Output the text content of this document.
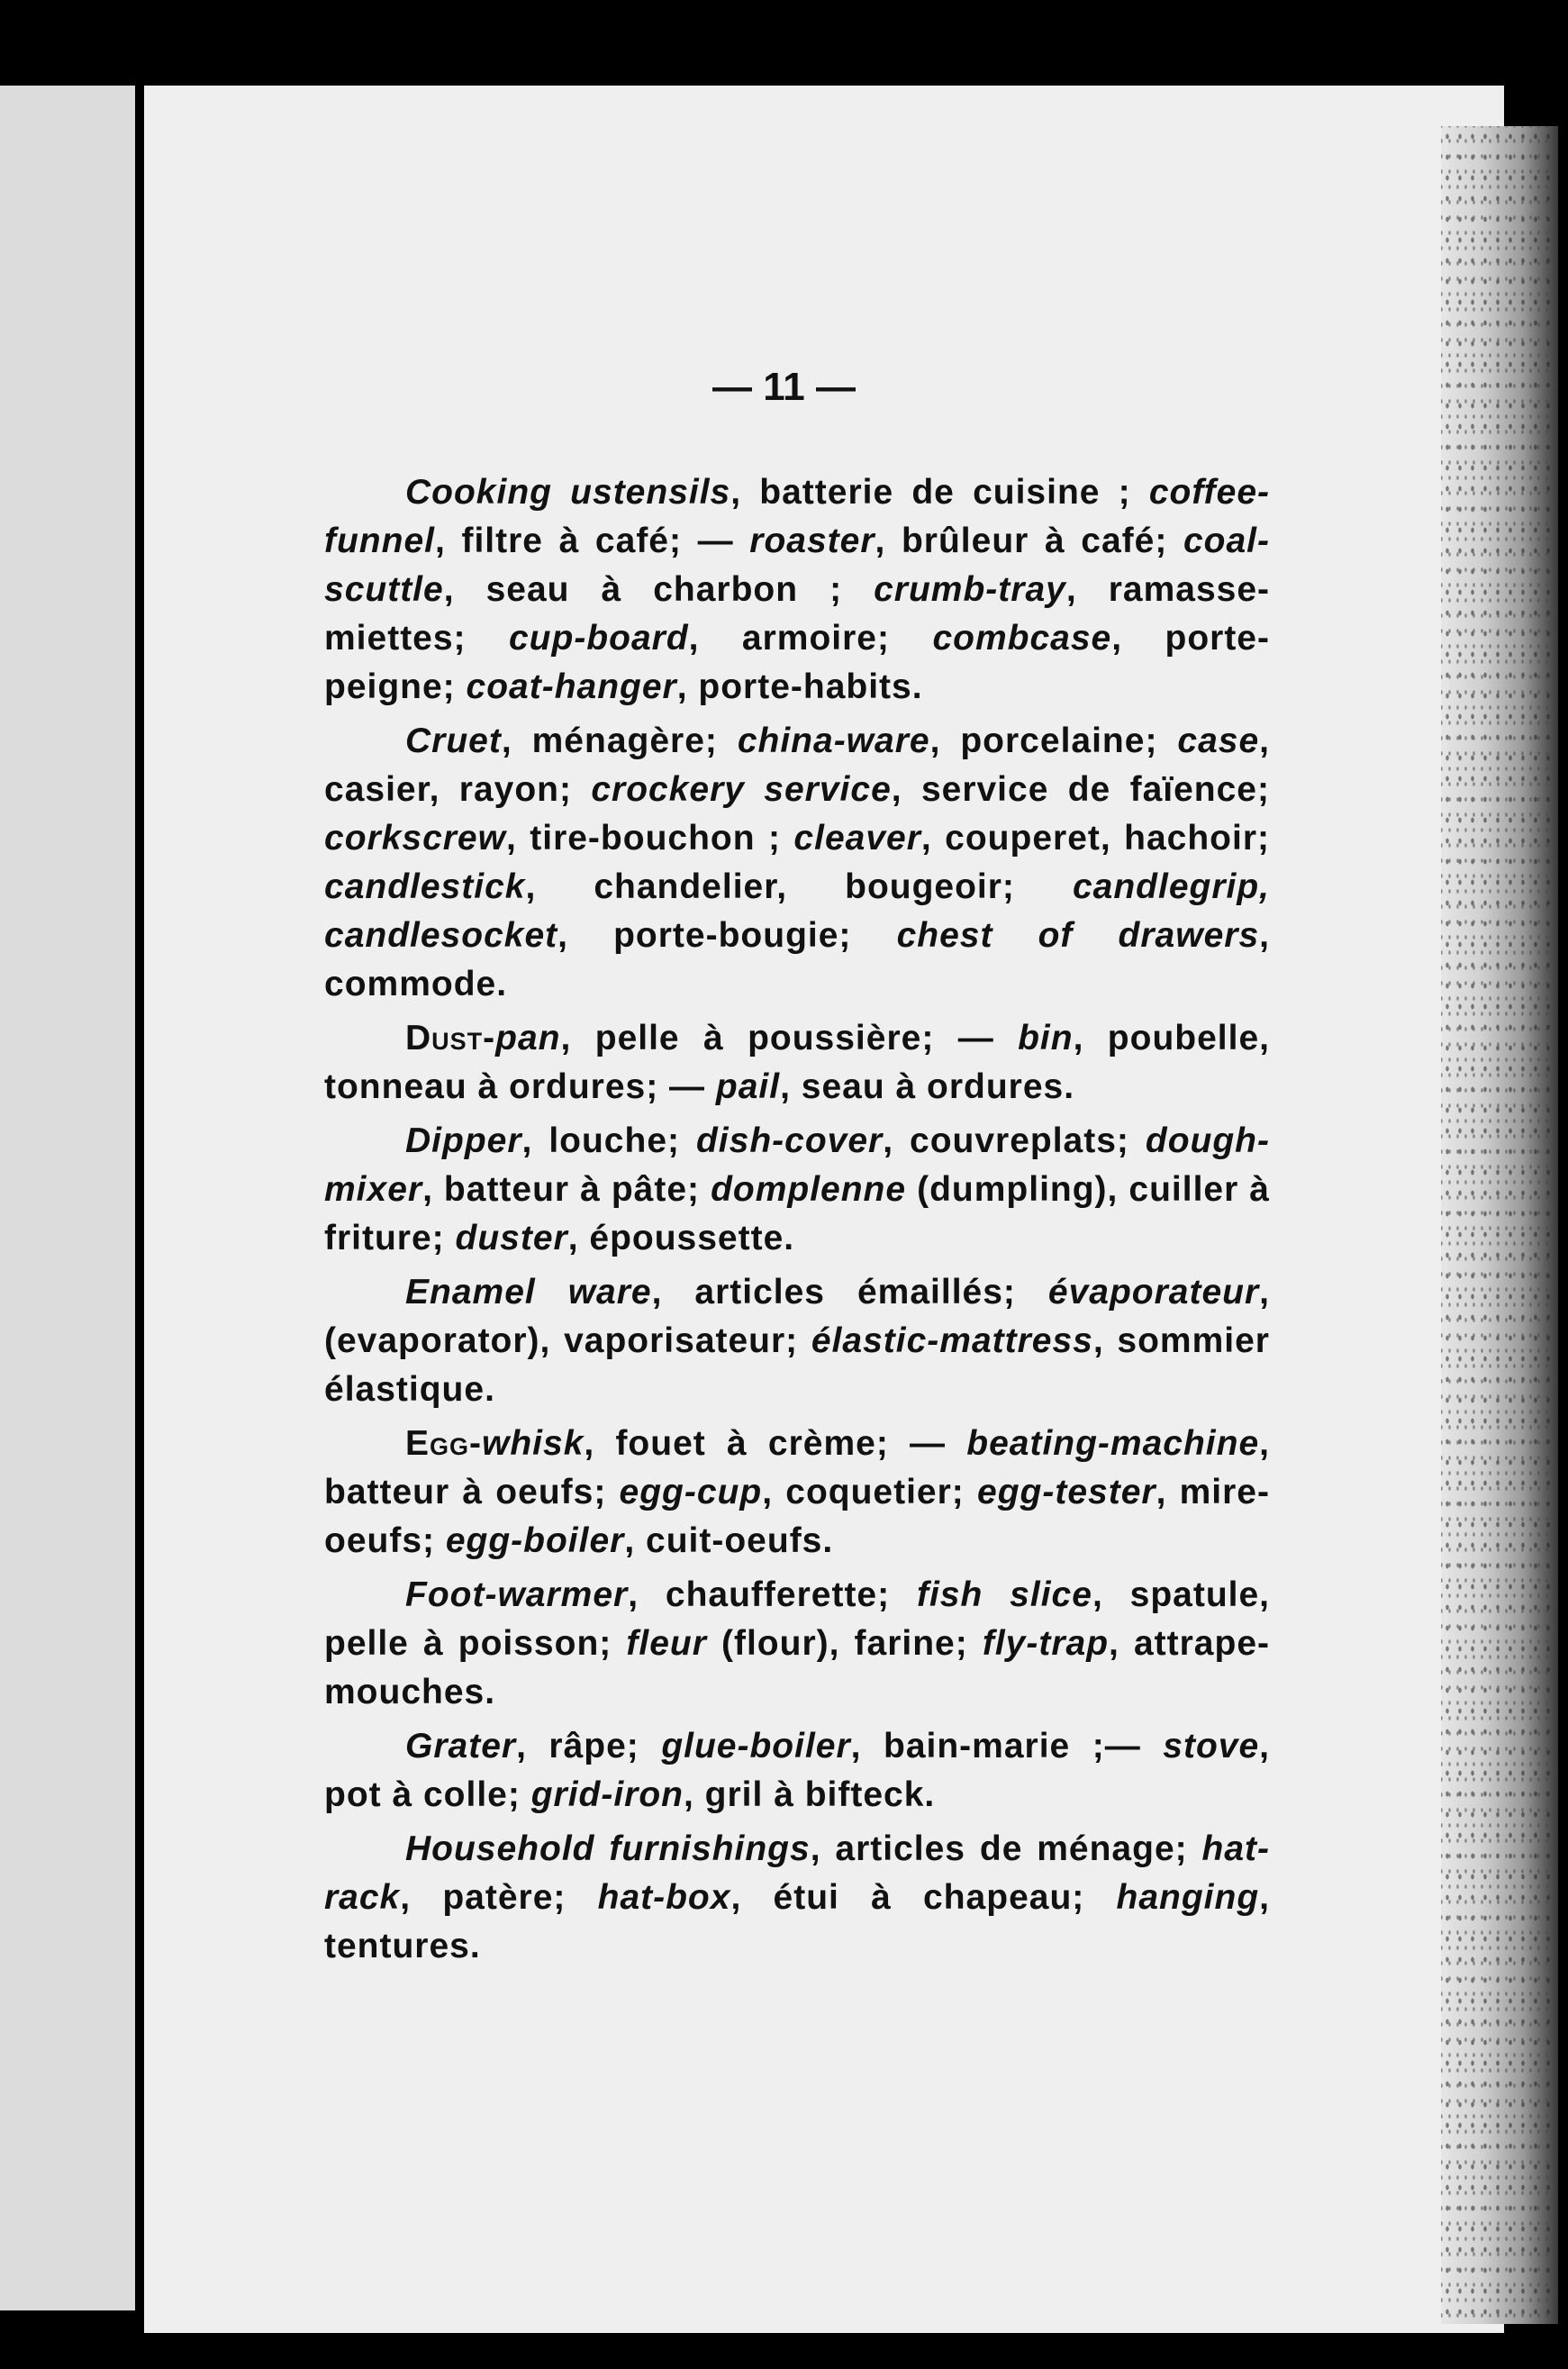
— 11 —

Cooking ustensils, batterie de cuisine ; coffee-funnel, filtre à café; — roaster, brûleur à café; coal-scuttle, seau à charbon ; crumb-tray, ramasse-miettes; cup-board, armoire; combcase, porte-peigne; coat-hanger, porte-habits.

Cruet, ménagère; china-ware, porcelaine; case, casier, rayon; crockery service, service de faïence; corkscrew, tire-bouchon ; cleaver, couperet, hachoir; candlestick, chandelier, bougeoir; candlegrip, candlesocket, porte-bougie; chest of drawers, commode.

Dust-pan, pelle à poussière; — bin, poubelle, tonneau à ordures; — pail, seau à ordures.

Dipper, louche; dish-cover, couvreplats; dough-mixer, batteur à pâte; domplenne (dumpling), cuiller à friture; duster, époussette.

Enamel ware, articles émaillés; évaporateur, (evaporator), vaporisateur; élastic-mattress, sommier élastique.

Egg-whisk, fouet à crème; — beating-machine, batteur à oeufs; egg-cup, coquetier; egg-tester, mire-oeufs; egg-boiler, cuit-oeufs.

Foot-warmer, chaufferette; fish slice, spatule, pelle à poisson; fleur (flour), farine; fly-trap, attrape-mouches.

Grater, râpe; glue-boiler, bain-marie ;— stove, pot à colle; grid-iron, gril à bifteck.

Household furnishings, articles de ménage; hat-rack, patère; hat-box, étui à chapeau; hanging, tentures.
